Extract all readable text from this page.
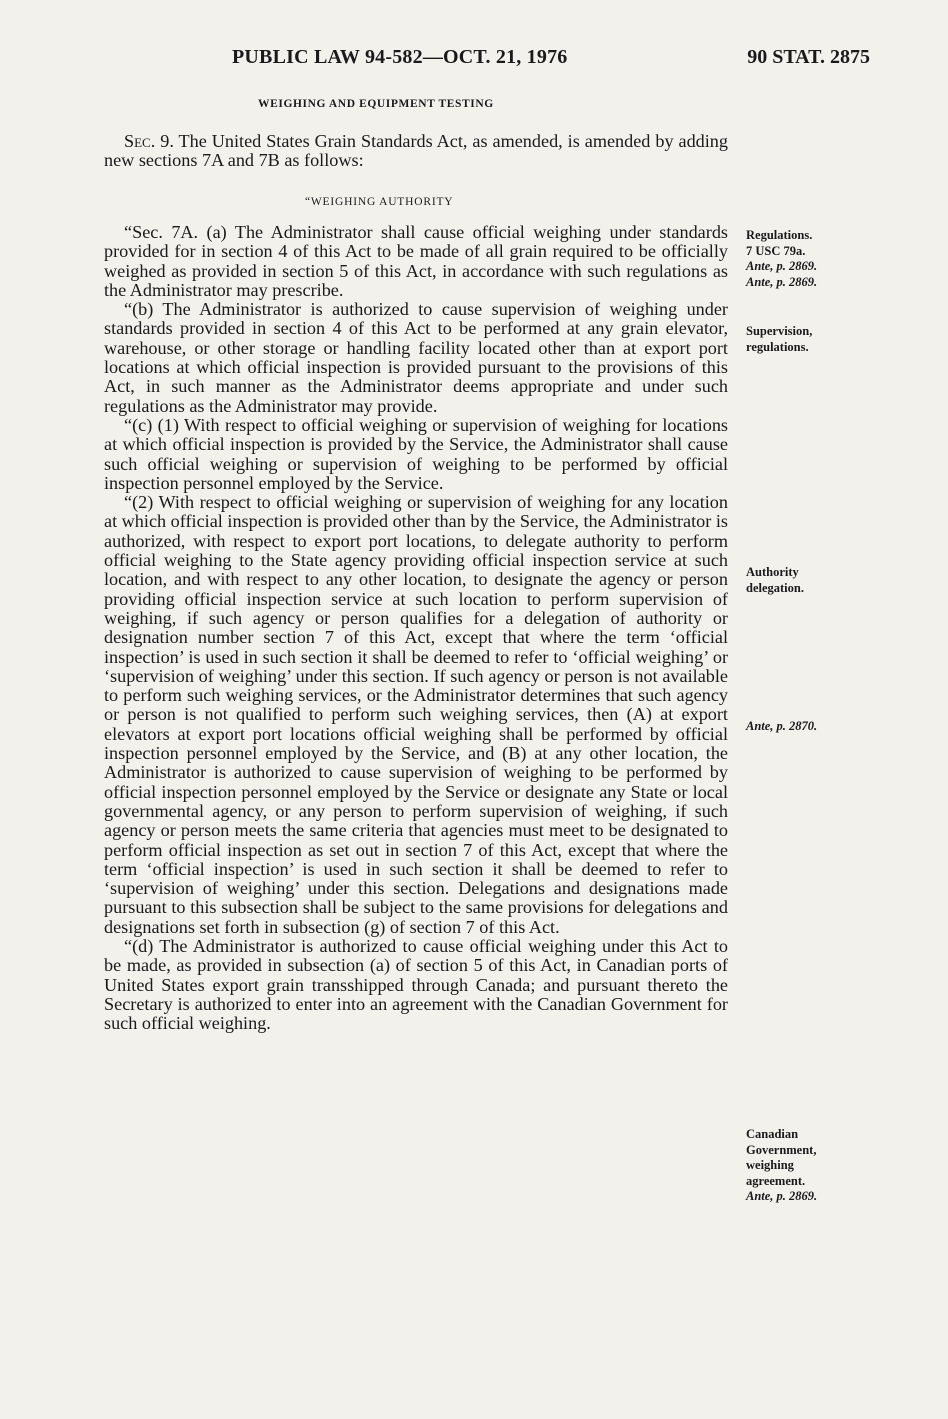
PUBLIC LAW 94-582—OCT. 21, 1976	90 STAT. 2875
WEIGHING AND EQUIPMENT TESTING

Sec. 9. The United States Grain Standards Act, as amended, is amended by adding new sections 7A and 7B as follows:

“WEIGHING AUTHORITY

“Sec. 7A. (a) The Administrator shall cause official weighing under standards provided for in section 4 of this Act to be made of all grain required to be officially weighed as provided in section 5 of this Act, in accordance with such regulations as the Administrator may prescribe.

“(b) The Administrator is authorized to cause supervision of weighing under standards provided in section 4 of this Act to be performed at any grain elevator, warehouse, or other storage or handling facility located other than at export port locations at which official inspection is provided pursuant to the provisions of this Act, in such manner as the Administrator deems appropriate and under such regulations as the Administrator may provide.

“(c) (1) With respect to official weighing or supervision of weighing for locations at which official inspection is provided by the Service, the Administrator shall cause such official weighing or supervision of weighing to be performed by official inspection personnel employed by the Service.

“(2) With respect to official weighing or supervision of weighing for any location at which official inspection is provided other than by the Service, the Administrator is authorized, with respect to export port locations, to delegate authority to perform official weighing to the State agency providing official inspection service at such location, and with respect to any other location, to designate the agency or person providing official inspection service at such location to perform supervision of weighing, if such agency or person qualifies for a delegation of authority or designation number section 7 of this Act, except that where the term ‘official inspection’ is used in such section it shall be deemed to refer to ‘official weighing’ or ‘supervision of weighing’ under this section. If such agency or person is not available to perform such weighing services, or the Administrator determines that such agency or person is not qualified to perform such weighing services, then (A) at export elevators at export port locations official weighing shall be performed by official inspection personnel employed by the Service, and (B) at any other location, the Administrator is authorized to cause supervision of weighing to be performed by official inspection personnel employed by the Service or designate any State or local governmental agency, or any person to perform supervision of weighing, if such agency or person meets the same criteria that agencies must meet to be designated to perform official inspection as set out in section 7 of this Act, except that where the term ‘official inspection’ is used in such section it shall be deemed to refer to ‘supervision of weighing’ under this section. Delegations and designations made pursuant to this subsection shall be subject to the same provisions for delegations and designations set forth in subsection (g) of section 7 of this Act.

“(d) The Administrator is authorized to cause official weighing under this Act to be made, as provided in subsection (a) of section 5 of this Act, in Canadian ports of United States export grain transshipped through Canada; and pursuant thereto the Secretary is authorized to enter into an agreement with the Canadian Government for such official weighing.

Regulations.
7 USC 79a.
Ante, p. 2869.
Ante, p. 2869.
Supervision,
regulations.
Authority
delegation.
Ante, p. 2870.
Canadian
Government,
weighing
agreement.
Ante, p. 2869.
